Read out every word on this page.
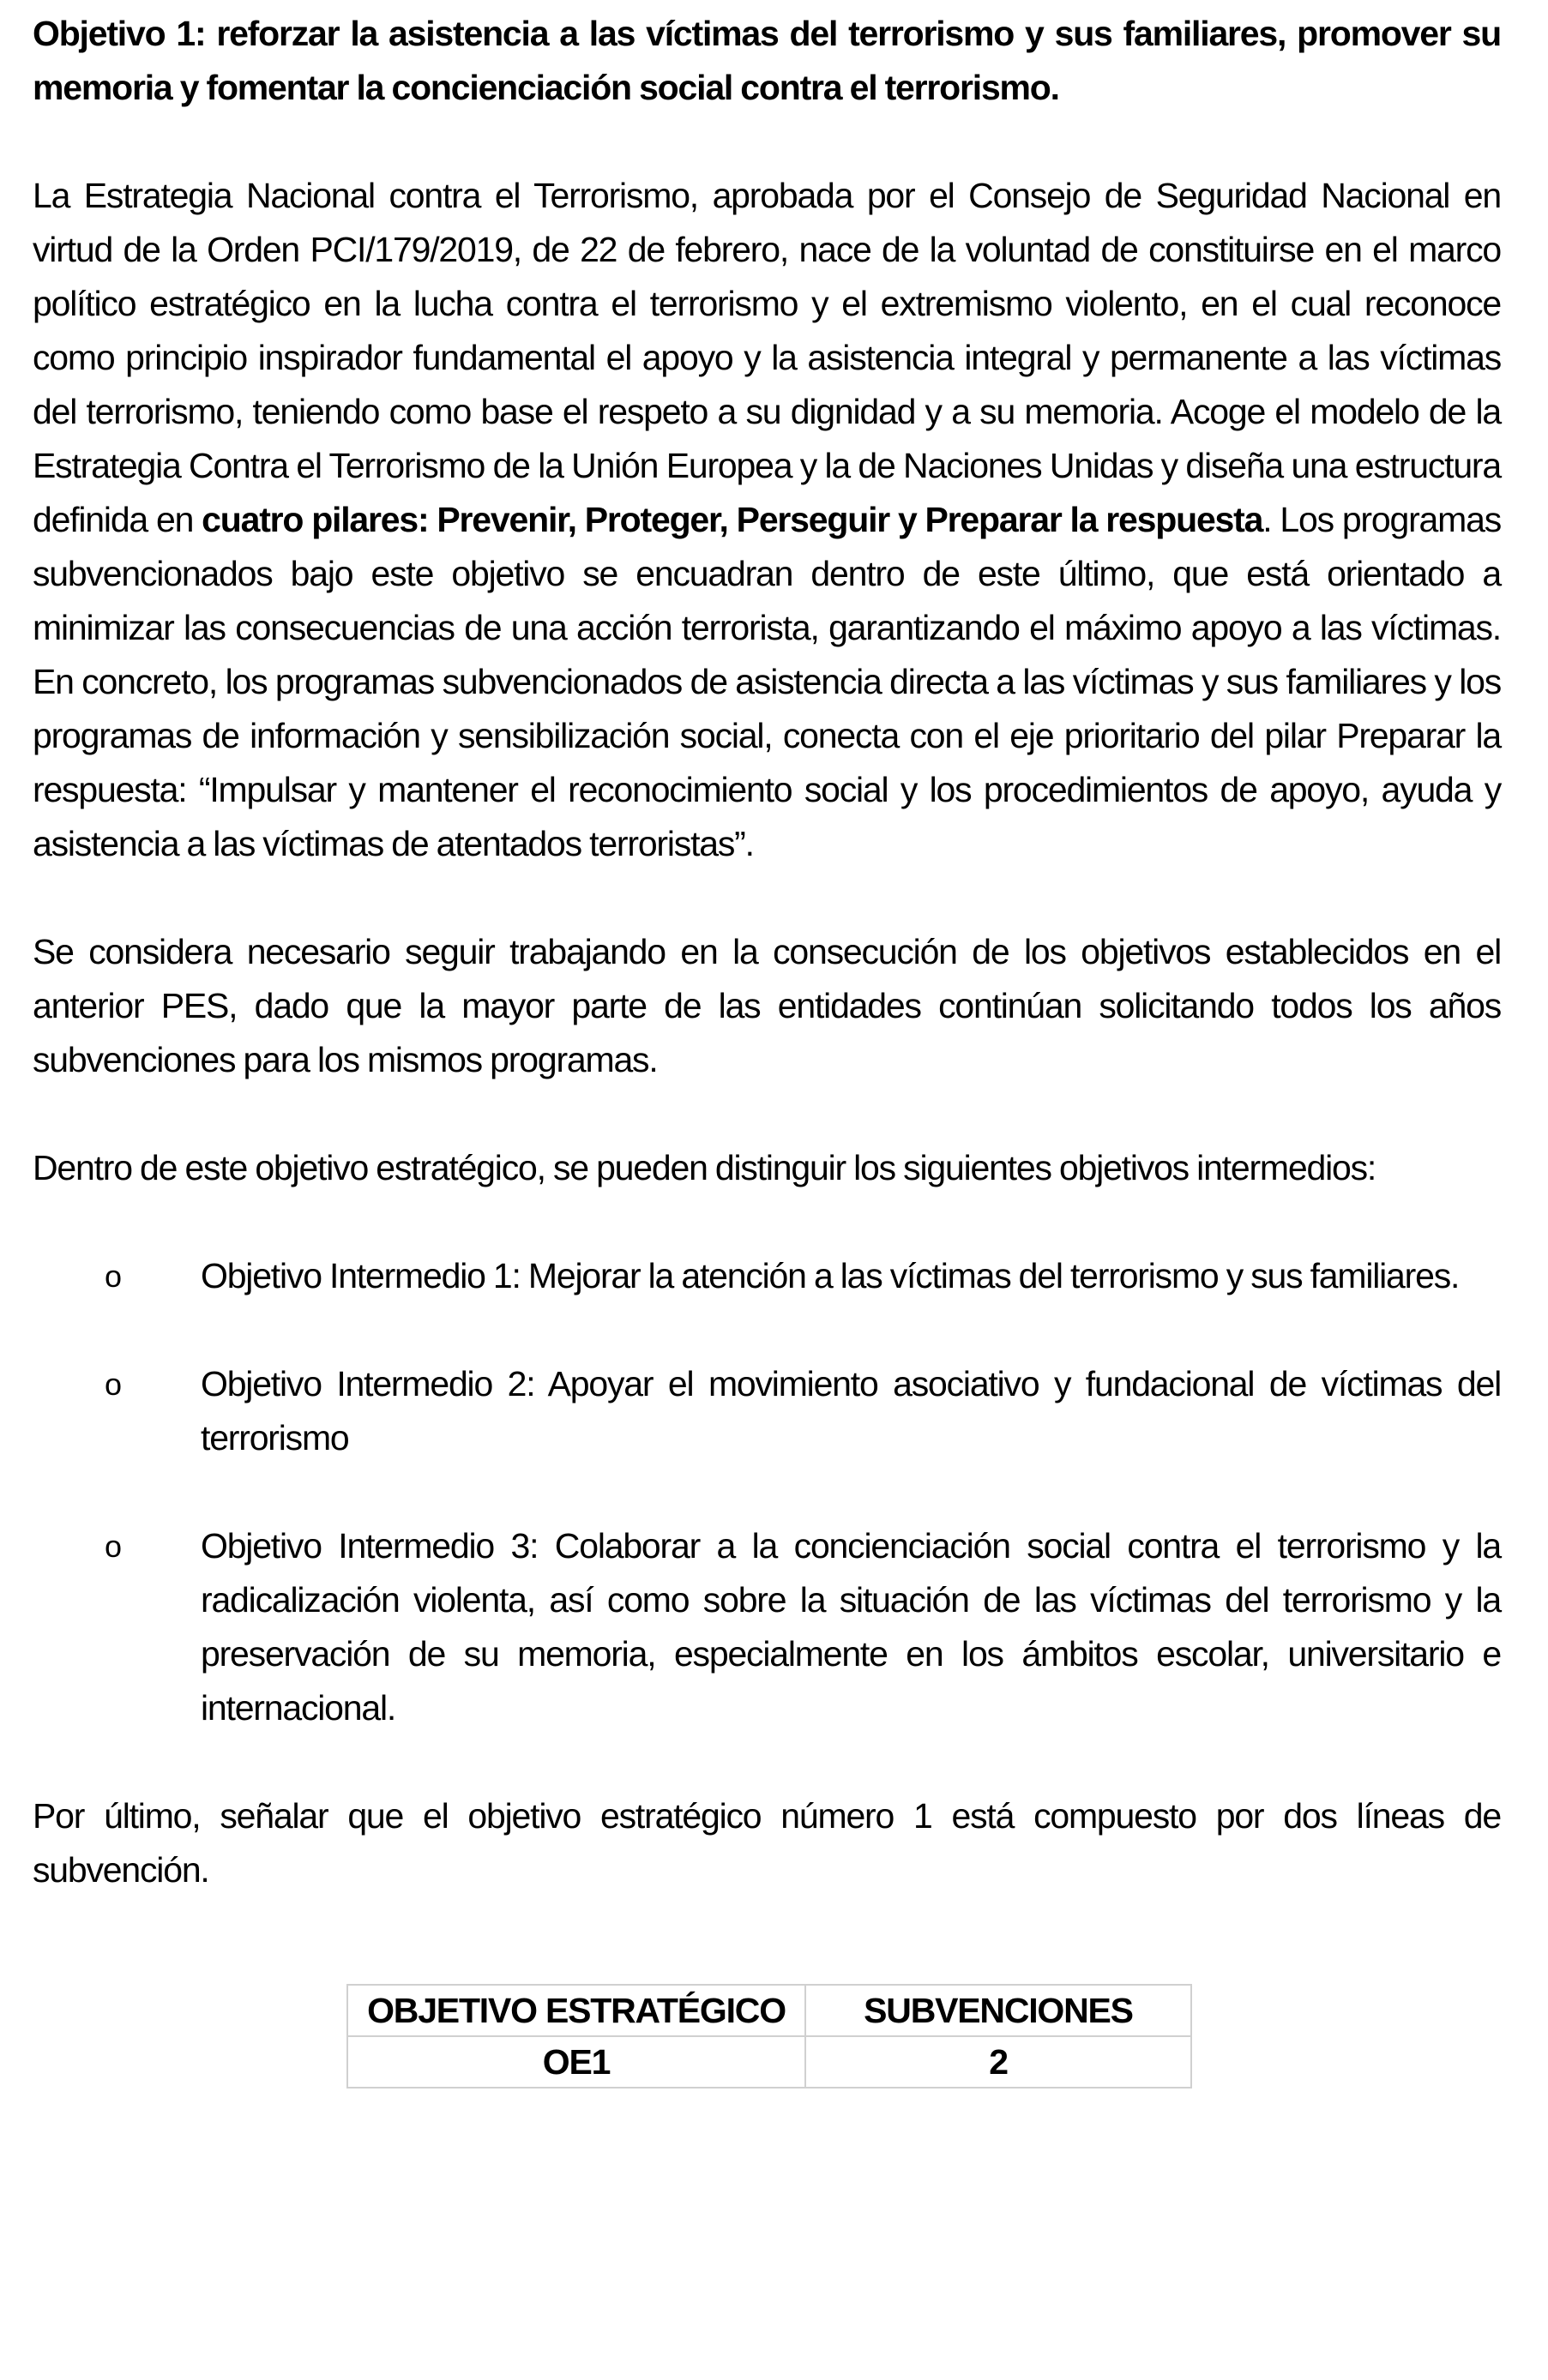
Objetivo 1: reforzar la asistencia a las víctimas del terrorismo y sus familiares, promover su memoria y fomentar la concienciación social contra el terrorismo.

La Estrategia Nacional contra el Terrorismo, aprobada por el Consejo de Seguridad Nacional en virtud de la Orden PCI/179/2019, de 22 de febrero, nace de la voluntad de constituirse en el marco político estratégico en la lucha contra el terrorismo y el extremismo violento, en el cual reconoce como principio inspirador fundamental el apoyo y la asistencia integral y permanente a las víctimas del terrorismo, teniendo como base el respeto a su dignidad y a su memoria. Acoge el modelo de la Estrategia Contra el Terrorismo de la Unión Europea y la de Naciones Unidas y diseña una estructura definida en cuatro pilares: Prevenir, Proteger, Perseguir y Preparar la respuesta. Los programas subvencionados bajo este objetivo se encuadran dentro de este último, que está orientado a minimizar las consecuencias de una acción terrorista, garantizando el máximo apoyo a las víctimas. En concreto, los programas subvencionados de asistencia directa a las víctimas y sus familiares y los programas de información y sensibilización social, conecta con el eje prioritario del pilar Preparar la respuesta: “Impulsar y mantener el reconocimiento social y los procedimientos de apoyo, ayuda y asistencia a las víctimas de atentados terroristas”.

Se considera necesario seguir trabajando en la consecución de los objetivos establecidos en el anterior PES, dado que la mayor parte de las entidades continúan solicitando todos los años subvenciones para los mismos programas.

Dentro de este objetivo estratégico, se pueden distinguir los siguientes objetivos intermedios:

o Objetivo Intermedio 1: Mejorar la atención a las víctimas del terrorismo y sus familiares.
o Objetivo Intermedio 2: Apoyar el movimiento asociativo y fundacional de víctimas del terrorismo
o Objetivo Intermedio 3: Colaborar a la concienciación social contra el terrorismo y la radicalización violenta, así como sobre la situación de las víctimas del terrorismo y la preservación de su memoria, especialmente en los ámbitos escolar, universitario e internacional.

Por último, señalar que el objetivo estratégico número 1 está compuesto por dos líneas de subvención.

OBJETIVO ESTRATÉGICO	SUBVENCIONES
OE1	2
